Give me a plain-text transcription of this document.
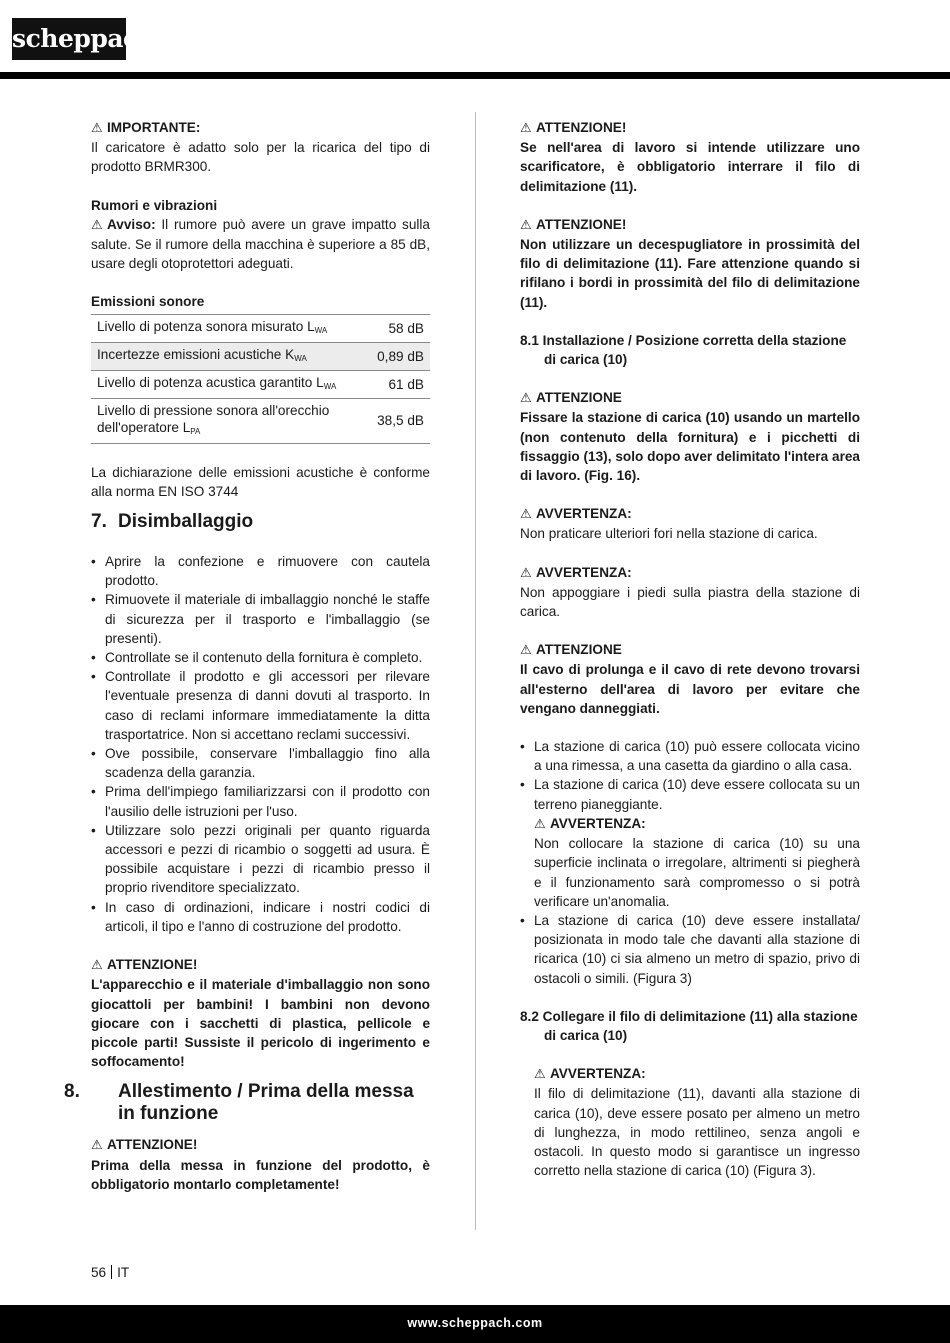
scheppach

⚠ IMPORTANTE:

Il caricatore è adatto solo per la ricarica del tipo di prodotto BRMR300.

Rumori e vibrazioni

⚠ Avviso: Il rumore può avere un grave impatto sulla salute. Se il rumore della macchina è superiore a 85 dB, usare degli otoprotettori adeguati.

Emissioni sonore

Livello di potenza sonora misurato $L_{WA}$	58 dB
Incertezze emissioni acustiche $K_{WA}$	0,89 dB
Livello di potenza acustica garantito $L_{WA}$	61 dB
Livello di pressione sonora all'orecchio dell'operatore $L_{PA}$	38,5 dB

La dichiarazione delle emissioni acustiche è conforme alla norma EN ISO 3744

7. Disimballaggio
• Aprire la confezione e rimuovere con cautela prodotto.
• Rimuovete il materiale di imballaggio nonché le staffe di sicurezza per il trasporto e l'imballaggio (se presenti).
• Controllate se il contenuto della fornitura è completo.
• Controllate il prodotto e gli accessori per rilevare l'eventuale presenza di danni dovuti al trasporto. In caso di reclami informare immediatamente la ditta trasportatrice. Non si accettano reclami successivi.
• Ove possibile, conservare l'imballaggio fino alla scadenza della garanzia.
• Prima dell'impiego familiarizzarsi con il prodotto con l'ausilio delle istruzioni per l'uso.
• Utilizzare solo pezzi originali per quanto riguarda accessori e pezzi di ricambio o soggetti ad usura. È possibile acquistare i pezzi di ricambio presso il proprio rivenditore specializzato.
• In caso di ordinazioni, indicare i nostri codici di articoli, il tipo e l'anno di costruzione del prodotto.

⚠ ATTENZIONE!

L'apparecchio e il materiale d'imballaggio non sono giocattoli per bambini! I bambini non devono giocare con i sacchetti di plastica, pellicole e piccole parti! Sussiste il pericolo di ingerimento e soffocamento!

8. Allestimento / Prima della messa in funzione

⚠ ATTENZIONE!

Prima della messa in funzione del prodotto, è obbligatorio montarlo completamente!

⚠ ATTENZIONE!

Se nell'area di lavoro si intende utilizzare uno scarificatore, è obbligatorio interrare il filo di delimitazione (11).

⚠ ATTENZIONE!

Non utilizzare un decespugliatore in prossimità del filo di delimitazione (11). Fare attenzione quando si rifilano i bordi in prossimità del filo di delimitazione (11).

8.1 Installazione / Posizione corretta della stazione di carica (10)

⚠ ATTENZIONE

Fissare la stazione di carica (10) usando un martello (non contenuto della fornitura) e i picchetti di fissaggio (13), solo dopo aver delimitato l'intera area di lavoro. (Fig. 16).

⚠ AVVERTENZA:

Non praticare ulteriori fori nella stazione di carica.

⚠ AVVERTENZA:

Non appoggiare i piedi sulla piastra della stazione di carica.

⚠ ATTENZIONE

Il cavo di prolunga e il cavo di rete devono trovarsi all'esterno dell'area di lavoro per evitare che vengano danneggiati.

• La stazione di carica (10) può essere collocata vicino a una rimessa, a una casetta da giardino o alla casa.
• La stazione di carica (10) deve essere collocata su un terreno pianeggiante.
⚠ AVVERTENZA:
Non collocare la stazione di carica (10) su una superficie inclinata o irregolare, altrimenti si piegherà e il funzionamento sarà compromesso o si potrà verificare un'anomalia.
• La stazione di carica (10) deve essere installata/ posizionata in modo tale che davanti alla stazione di ricarica (10) ci sia almeno un metro di spazio, privo di ostacoli o simili. (Figura 3)

8.2 Collegare il filo di delimitazione (11) alla stazione di carica (10)

⚠ AVVERTENZA:

Il filo di delimitazione (11), davanti alla stazione di carica (10), deve essere posato per almeno un metro di lunghezza, in modo rettilineo, senza angoli e ostacoli. In questo modo si garantisce un ingresso corretto nella stazione di carica (10) (Figura 3).

56 IT
www.scheppach.com
